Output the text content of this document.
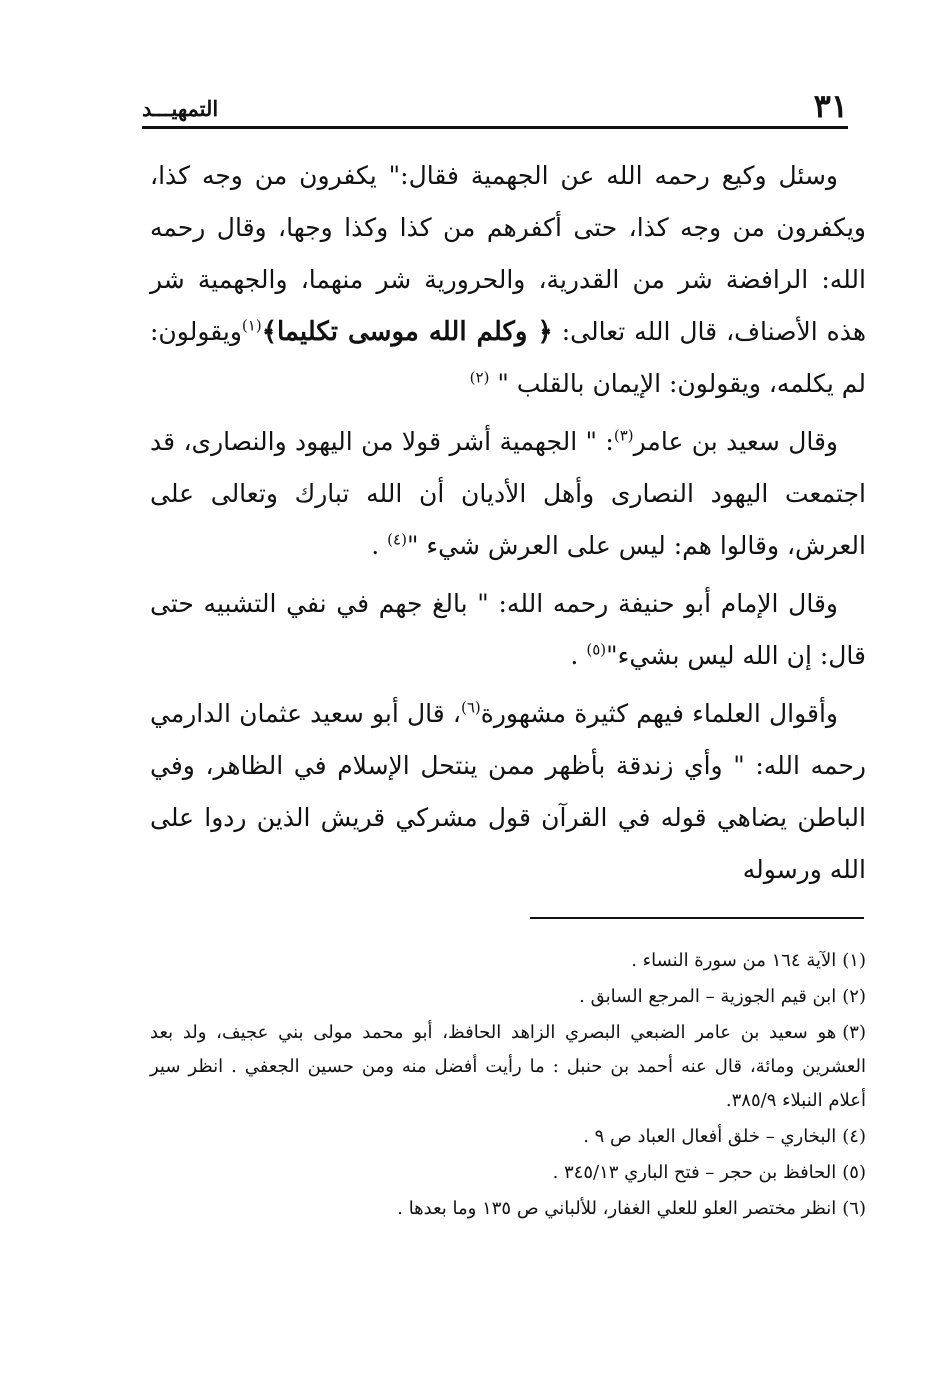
٣١
التمهيـــد

وسئل وكيع رحمه الله عن الجهمية فقال:" يكفرون من وجه كذا، ويكفرون من وجه كذا، حتى أكفرهم من كذا وكذا وجها، وقال رحمه الله: الرافضة شر من القدرية، والحرورية شر منهما، والجهمية شر هذه الأصناف، قال الله تعالى: ﴿ وكلم الله موسى تكليما﴾$^{(١)}$ويقولون: لم يكلمه، ويقولون: الإيمان بالقلب " $^{(٢)}$

وقال سعيد بن عامر$^{(٣)}$: " الجهمية أشر قولا من اليهود والنصارى، قد اجتمعت اليهود النصارى وأهل الأديان أن الله تبارك وتعالى على العرش، وقالوا هم: ليس على العرش شيء "$^{(٤)}$ .

وقال الإمام أبو حنيفة رحمه الله: " بالغ جهم في نفي التشبيه حتى قال: إن الله ليس بشيء"$^{(٥)}$ .

وأقوال العلماء فيهم كثيرة مشهورة$^{(٦)}$، قال أبو سعيد عثمان الدارمي رحمه الله: " وأي زندقة بأظهر ممن ينتحل الإسلام في الظاهر، وفي الباطن يضاهي قوله في القرآن قول مشركي قريش الذين ردوا على الله ورسوله

(١)الآية ١٦٤ من سورة النساء .

(٢)ابن قيم الجوزية – المرجع السابق .

(٣)هو سعيد بن عامر الضبعي البصري الزاهد الحافظ، أبو محمد مولى بني عجيف، ولد بعد العشرين ومائة، قال عنه أحمد بن حنبل : ما رأيت أفضل منه ومن حسين الجعفي . انظر سير أعلام النبلاء ٣٨٥/٩.

(٤)البخاري – خلق أفعال العباد ص ٩ .

(٥)الحافظ بن حجر – فتح الباري ٣٤٥/١٣ .

(٦)انظر مختصر العلو للعلي الغفار، للألباني ص ١٣٥ وما بعدها .
